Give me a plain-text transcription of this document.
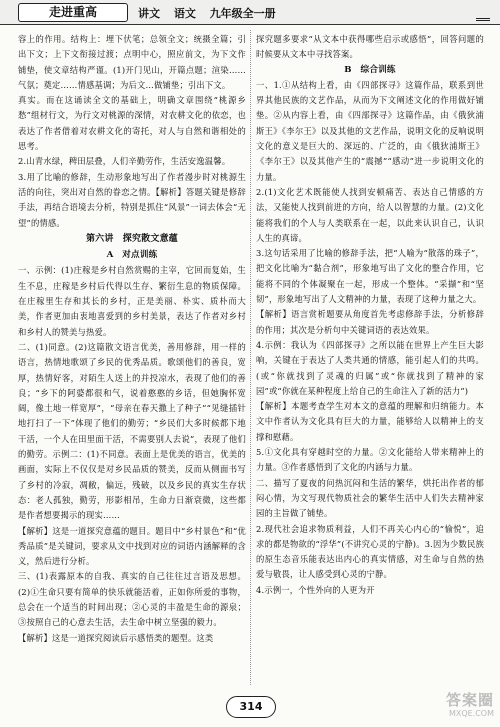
走进重高	讲文 语文 九年级全一册

容上的作用。结构上：埋下伏笔；总领全文；统摄全篇；引出下文；上下文衔接过渡；点明中心，照应前文，为下文作铺垫，使文章结构严谨。(1)开门见山，开篇点题；渲染……气氛；奠定……情感基调；为后文…做铺垫；引出下文。

真实。而在这诵读全文的基础上，明确文章围绕“桃源乡愁”组材行文，为行文对桃源的深情，对农耕文化的依恋，也表达了作者借着对农耕文化的寄托，对人与自然和谐相处的思考。

2.山青水绿，稗田层叠，人们辛勤劳作，生活安逸温馨。

3.用了比喻的修辞，生动形象地写出了作者漫步时对桃源生活的向往，突出对自然的眷恋之情。【解析】答题关键是修辞手法，再结合语境去分析，特别是抓住“风景”一词去体会“无望”的情感。

第六讲　探究散文意蕴
A　对点训练

一、示例：(1)庄稼是乡村自然赏赐的主宰，它回而复始，生生不息，庄稼是乡村后代得以生存、繁衍生息的物质保障。在庄稼里生存和其长的乡村，正是美丽、朴实、质朴而大美，作者更加由衷地喜爱到的乡村美景，表达了作者对乡村和乡村人的赞美与热爱。

二、(1)同意。(2)这篇散文语言优美，善用修辞，用一样的语言，热情地歌颂了乡民的优秀品质。歌颂他们的善良，宽厚，热情好客，对陌生人送上的并投凉水，表现了他们的善良；“乡下的阿婆都很和气，说着憨憨的乡话，但她胸怀宽阔，像土地一样宽厚”，“母亲在春天撒上了种子”“见缝插针地打扫了一下”体现了他们的勤劳；“乡民们大多时候都下地干活，一个人在田里面干活，不需要别人去说”，表现了他们的勤劳。示例二：(1)不同意。表面上是优美的语言，优美的画面，实际上不仅仅是对乡民品质的赞美，反而从侧面书写了乡村的冷寂，凋敝，偏远，残破，以及乡民的真实生存状态：老人孤独，勤劳，形影相吊，生命力日渐衰微，这些都是作者想要揭示的现实……

【解析】这是一道探究意蕴的题目。题目中“乡村景色”和“优秀品质”是关键词，要求从文中找到对应的词语内涵解释的含义，然后进行分析。

三、(1)表露原本的自我、真实的自己往往过言语及思想。(2)①生命只要有简单的快乐就能活着，正如你所爱的事物，总会在一个适当的时间出现；②心灵的丰盈是生命的源泉；③按照自己的心意去生活，去生命中树立坚强的毅力。

【解析】这是一道探究阅读后示感悟类的题型。这类

探究题多要求“从文本中获得哪些启示或感悟”，回答问题的时候要从文本中寻找答案。

B　综合训练

一、1.①从结构上看，由《四部探寻》这篇作品，联系到世界其他民族的文艺作品，从而为下文阐述文化的作用做好铺垫。②从内容上看，由《四部探寻》这篇作品，由《俄狄浦斯王》《李尔王》以及其他的文艺作品，说明文化的反响说明文化的意义是巨大的、深远的、广泛的，由《俄狄浦斯王》《李尔王》以及其他产生的“震撼”“感动”进一步说明文化的力量。

2.(1)文化艺术既能使人找到安顿痛苦、表达自己情感的方法，又能使人找到前进的方向，给人以智慧的力量。(2)文化能将我们的个人与人类联系在一起，以此来认识自己，认识人生的真谛。

3.这句话采用了比喻的修辞手法，把“人喻为“散落的珠子”，把文化比喻为“黏合剂”，形象地写出了文化的整合作用，它能将不同的个体凝聚在一起，形成一个整体。“采撷”和“坚韧”，形象地写出了人文精神的力量，表现了这种力量之大。

【解析】语言赏析题要从角度首先考虑修辞手法，分析修辞的作用；其次是分析句中关键词语的表达效果。

4.示例：我认为《四部探寻》之所以能在世界上产生巨大影响，关键在于表达了人类共通的情感，能引起人们的共鸣。(或“你就找到了灵魂的归属”或“你就找到了精神的家园”或“你就在某种程度上给自己的生命注入了新的活力”)

【解析】本题考查学生对本文的意蕴的理解和归纳能力。本文中作者认为文化具有巨大的力量，能够给人以精神上的支撑和慰藉。

5.①文化具有穿越时空的力量。②文化能给人带来精神上的力量。③作者感悟到了文化的内涵与力量。

二、描写了夏夜的问热沉闷和生活的繁华，烘托出作者的郁闷心情，为文写现代物质社会的繁华生活中人们失去精神家园的主旨做了铺垫。

2.现代社会追求物质利益，人们不再关心内心的“愉悦”，追求的都是物欲的“浮华”(不讲究心灵的宁静)。3.因为少数民族的原生态音乐能表达出内心的真实情感，对生命与自然的热爱与敬畏，让人感受到心灵的宁静。

4.示例一，个性外向的人更为开

314	答案圈
MXQE.COM
